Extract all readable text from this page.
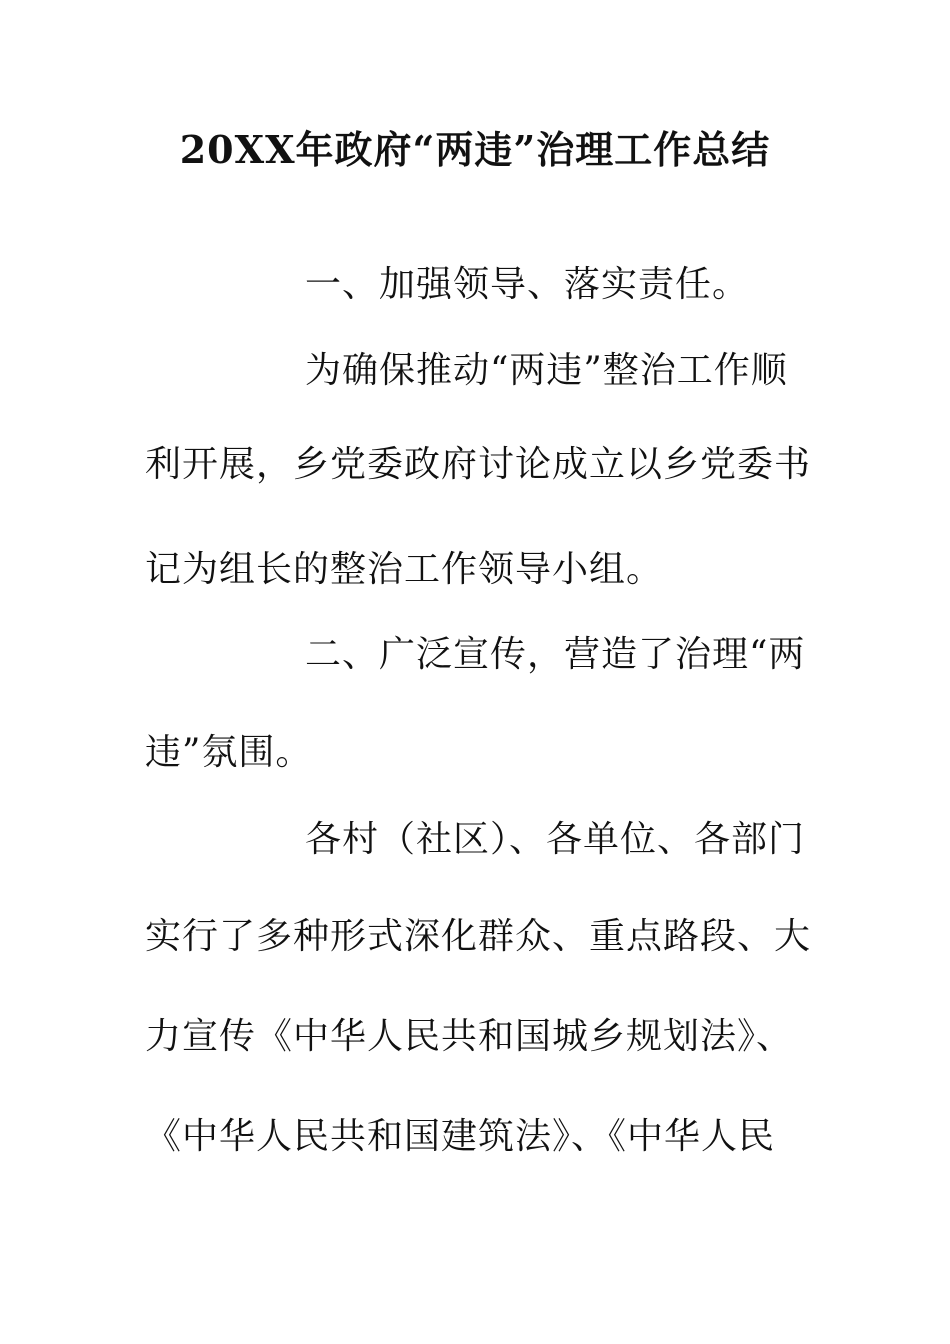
20XX年政府“两违”治理工作总结
一、加强领导、落实责任。
为确保推动“两违”整治工作顺
利开展，乡党委政府讨论成立以乡党委书
记为组长的整治工作领导小组。
二、广泛宣传，营造了治理“两
违”氛围。
各村（社区）、各单位、各部门
实行了多种形式深化群众、重点路段、大
力宣传《中华人民共和国城乡规划法》、
《中华人民共和国建筑法》、《中华人民
